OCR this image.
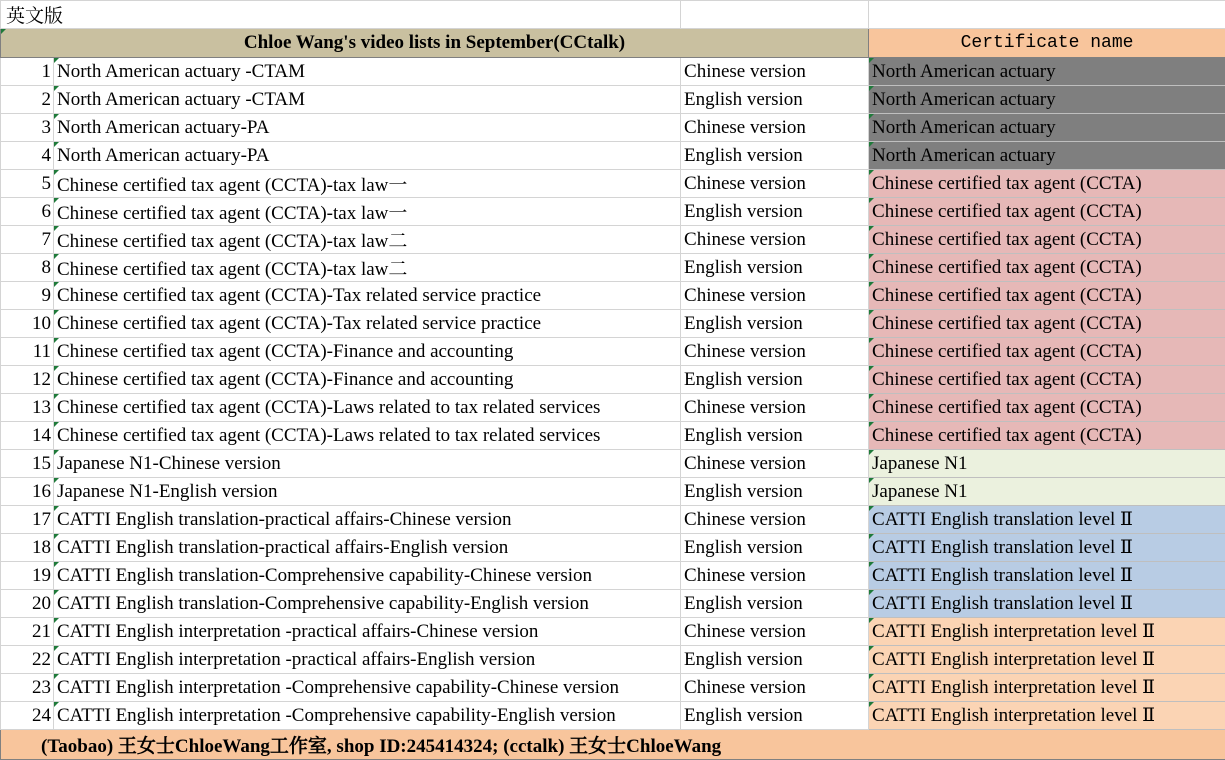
英文版			
Chloe Wang's video lists in September(CCtalk)			Certificate name
1	North American actuary -CTAM	Chinese version	North American actuary
2	North American actuary -CTAM	English version	North American actuary
3	North American actuary-PA	Chinese version	North American actuary
4	North American actuary-PA	English version	North American actuary
5	Chinese certified tax agent (CCTA)-tax law一	Chinese version	Chinese certified tax agent (CCTA)
6	Chinese certified tax agent (CCTA)-tax law一	English version	Chinese certified tax agent (CCTA)
7	Chinese certified tax agent (CCTA)-tax law二	Chinese version	Chinese certified tax agent (CCTA)
8	Chinese certified tax agent (CCTA)-tax law二	English version	Chinese certified tax agent (CCTA)
9	Chinese certified tax agent (CCTA)-Tax related service practice	Chinese version	Chinese certified tax agent (CCTA)
10	Chinese certified tax agent (CCTA)-Tax related service practice	English version	Chinese certified tax agent (CCTA)
11	Chinese certified tax agent (CCTA)-Finance and accounting	Chinese version	Chinese certified tax agent (CCTA)
12	Chinese certified tax agent (CCTA)-Finance and accounting	English version	Chinese certified tax agent (CCTA)
13	Chinese certified tax agent (CCTA)-Laws related to tax related services	Chinese version	Chinese certified tax agent (CCTA)
14	Chinese certified tax agent (CCTA)-Laws related to tax related services	English version	Chinese certified tax agent (CCTA)
15	Japanese N1-Chinese version	Chinese version	Japanese N1
16	Japanese N1-English version	English version	Japanese N1
17	CATTI English translation-practical affairs-Chinese version	Chinese version	CATTI English translation level Ⅱ
18	CATTI English translation-practical affairs-English version	English version	CATTI English translation level Ⅱ
19	CATTI English translation-Comprehensive capability-Chinese version	Chinese version	CATTI English translation level Ⅱ
20	CATTI English translation-Comprehensive capability-English version	English version	CATTI English translation level Ⅱ
21	CATTI English interpretation -practical affairs-Chinese version	Chinese version	CATTI English interpretation level Ⅱ
22	CATTI English interpretation -practical affairs-English version	English version	CATTI English interpretation level Ⅱ
23	CATTI English interpretation -Comprehensive capability-Chinese version	Chinese version	CATTI English interpretation level Ⅱ
24	CATTI English interpretation -Comprehensive capability-English version	English version	CATTI English interpretation level Ⅱ
(Taobao) 王女士ChloeWang工作室, shop ID:245414324; (cctalk) 王女士ChloeWang			
